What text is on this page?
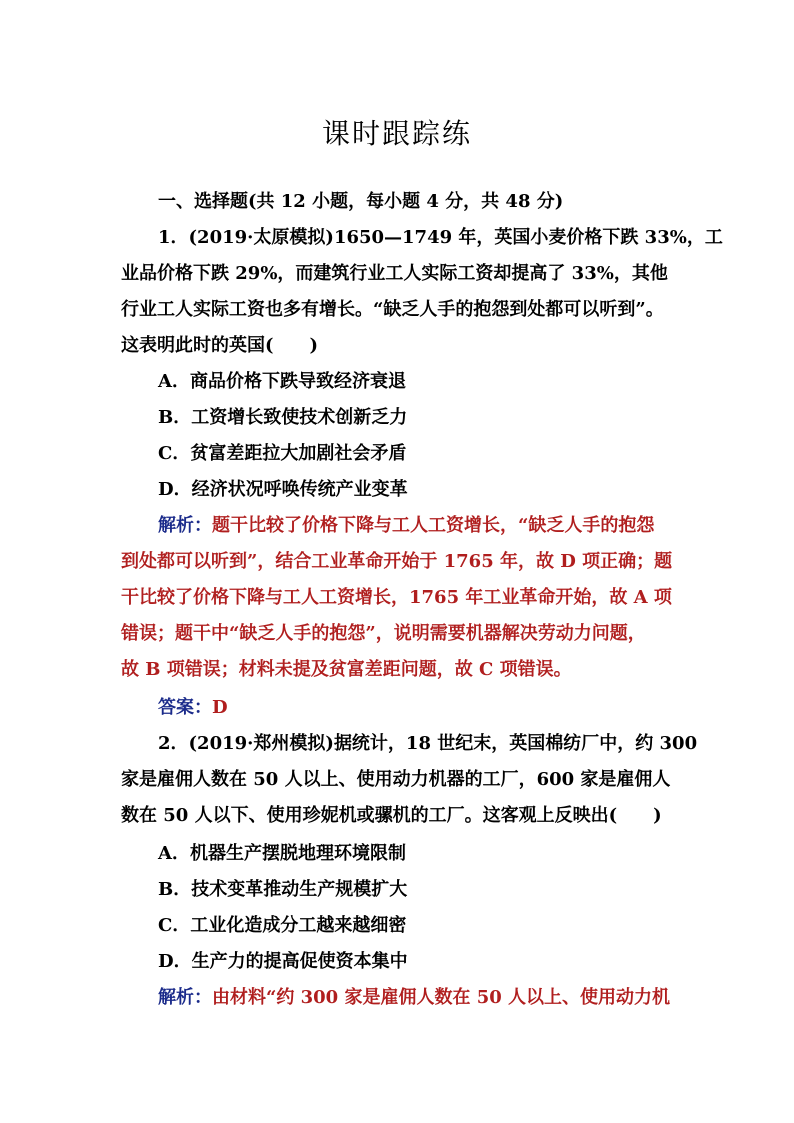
课时跟踪练
一、选择题(共 12 小题，每小题 4 分，共 48 分)
1．(2019·太原模拟)1650—1749 年，英国小麦价格下跌 33%，工
业品价格下跌 29%，而建筑行业工人实际工资却提高了 33%，其他
行业工人实际工资也多有增长。“缺乏人手的抱怨到处都可以听到”。
这表明此时的英国(　　)
A．商品价格下跌导致经济衰退
B．工资增长致使技术创新乏力
C．贫富差距拉大加剧社会矛盾
D．经济状况呼唤传统产业变革
解析：题干比较了价格下降与工人工资增长，“缺乏人手的抱怨
到处都可以听到”，结合工业革命开始于 1765 年，故 D 项正确；题
干比较了价格下降与工人工资增长，1765 年工业革命开始，故 A 项
错误；题干中“缺乏人手的抱怨”，说明需要机器解决劳动力问题，
故 B 项错误；材料未提及贫富差距问题，故 C 项错误。
答案：D
2．(2019·郑州模拟)据统计，18 世纪末，英国棉纺厂中，约 300
家是雇佣人数在 50 人以上、使用动力机器的工厂，600 家是雇佣人
数在 50 人以下、使用珍妮机或骡机的工厂。这客观上反映出(　　)
A．机器生产摆脱地理环境限制
B．技术变革推动生产规模扩大
C．工业化造成分工越来越细密
D．生产力的提高促使资本集中
解析：由材料“约 300 家是雇佣人数在 50 人以上、使用动力机
